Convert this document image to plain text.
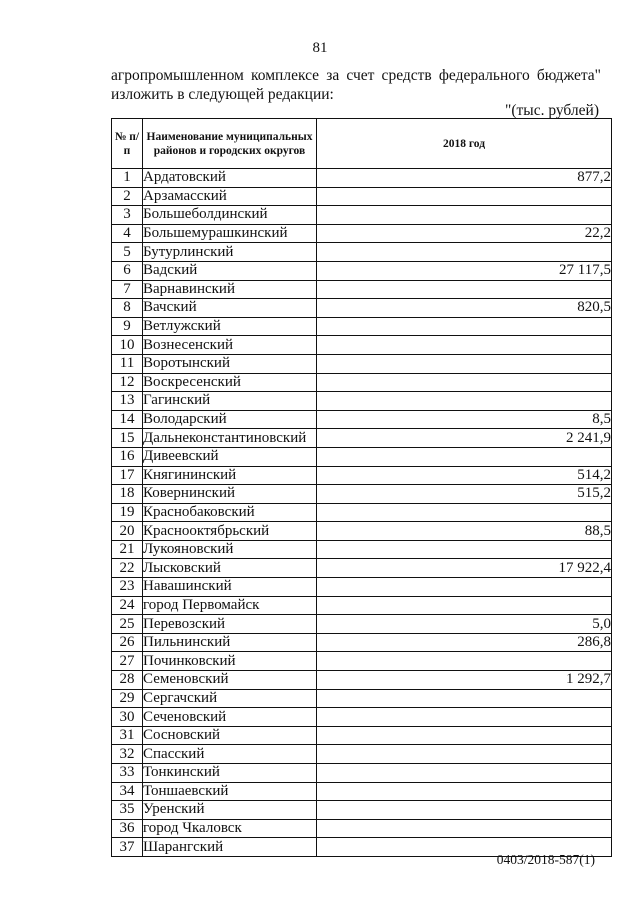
81
агропромышленном комплексе за счет средств федерального бюджета"
изложить в следующей редакции:
"(тыс. рублей)
№ п/п	Наименование муниципальных районов и городских округов	2018 год
1	Ардатовский	877,2
2	Арзамасский	
3	Большеболдинский	
4	Большемурашкинский	22,2
5	Бутурлинский	
6	Вадский	27 117,5
7	Варнавинский	
8	Вачский	820,5
9	Ветлужский	
10	Вознесенский	
11	Воротынский	
12	Воскресенский	
13	Гагинский	
14	Володарский	8,5
15	Дальнеконстантиновский	2 241,9
16	Дивеевский	
17	Княгининский	514,2
18	Ковернинский	515,2
19	Краснобаковский	
20	Краснооктябрьский	88,5
21	Лукояновский	
22	Лысковский	17 922,4
23	Навашинский	
24	город Первомайск	
25	Перевозский	5,0
26	Пильнинский	286,8
27	Починковский	
28	Семеновский	1 292,7
29	Сергачский	
30	Сеченовский	
31	Сосновский	
32	Спасский	
33	Тонкинский	
34	Тоншаевский	
35	Уренский	
36	город Чкаловск	
37	Шарангский	
0403/2018-587(1)
